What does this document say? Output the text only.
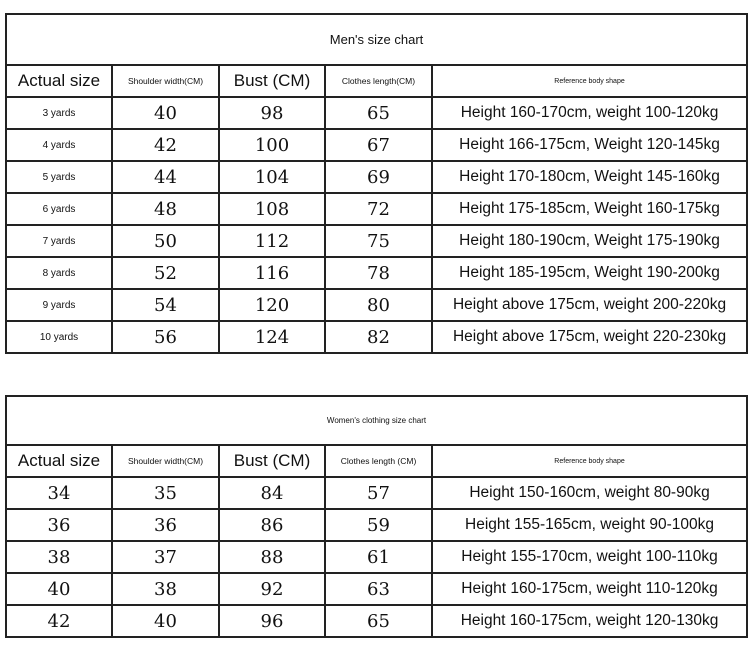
Men's size chart				
Actual size	Shoulder width(CM)	Bust (CM)	Clothes length(CM)	Reference body shape
3 yards	40	98	65	Height 160-170cm, weight 100-120kg
4 yards	42	100	67	Height 166-175cm, Weight 120-145kg
5 yards	44	104	69	Height 170-180cm, Weight 145-160kg
6 yards	48	108	72	Height 175-185cm, Weight 160-175kg
7 yards	50	112	75	Height 180-190cm, Weight 175-190kg
8 yards	52	116	78	Height 185-195cm, Weight 190-200kg
9 yards	54	120	80	Height above 175cm, weight 200-220kg
10 yards	56	124	82	Height above 175cm, weight 220-230kg
Women's clothing size chart				
Actual size	Shoulder width(CM)	Bust (CM)	Clothes length (CM)	Reference body shape
34	35	84	57	Height 150-160cm, weight 80-90kg
36	36	86	59	Height 155-165cm, weight 90-100kg
38	37	88	61	Height 155-170cm, weight 100-110kg
40	38	92	63	Height 160-175cm, weight 110-120kg
42	40	96	65	Height 160-175cm, weight 120-130kg
